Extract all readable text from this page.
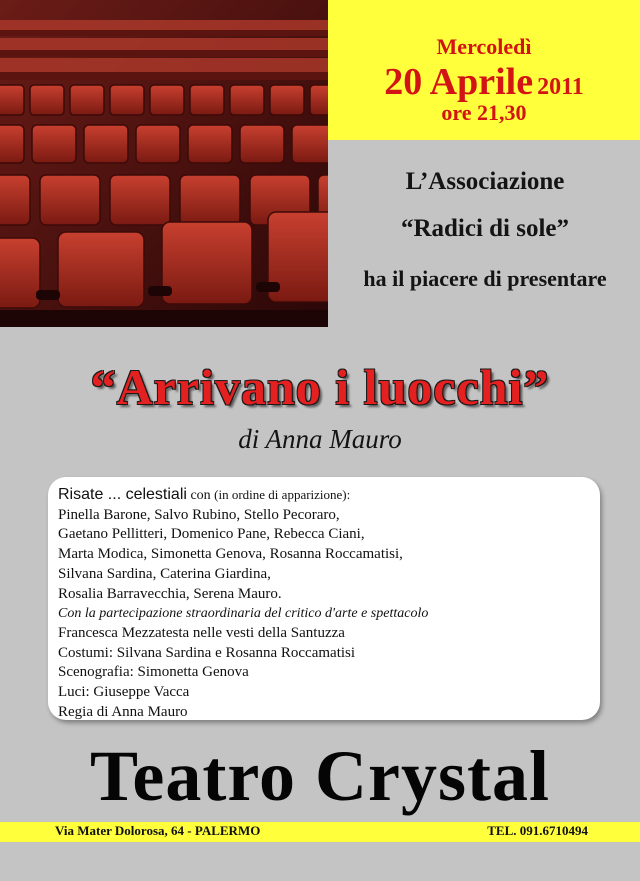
Mercoledì
20 Aprile 2011
ore 21,30
L’Associazione
“Radici di sole”
ha il piacere di presentare
“Arrivano i luocchi”
di Anna Mauro
Risate ... celestiali con (in ordine di apparizione):
Pinella Barone, Salvo Rubino, Stello Pecoraro,
Gaetano Pellitteri, Domenico Pane, Rebecca Ciani,
Marta Modica, Simonetta Genova, Rosanna Roccamatisi,
Silvana Sardina, Caterina Giardina,
Rosalia Barravecchia, Serena Mauro.
Con la partecipazione straordinaria del critico d'arte e spettacolo
Francesca Mezzatesta nelle vesti della Santuzza
Costumi: Silvana Sardina e Rosanna Roccamatisi
Scenografia: Simonetta Genova
Luci: Giuseppe Vacca
Regia di Anna Mauro
Teatro Crystal
Via Mater Dolorosa, 64 - PALERMO	TEL. 091.6710494
